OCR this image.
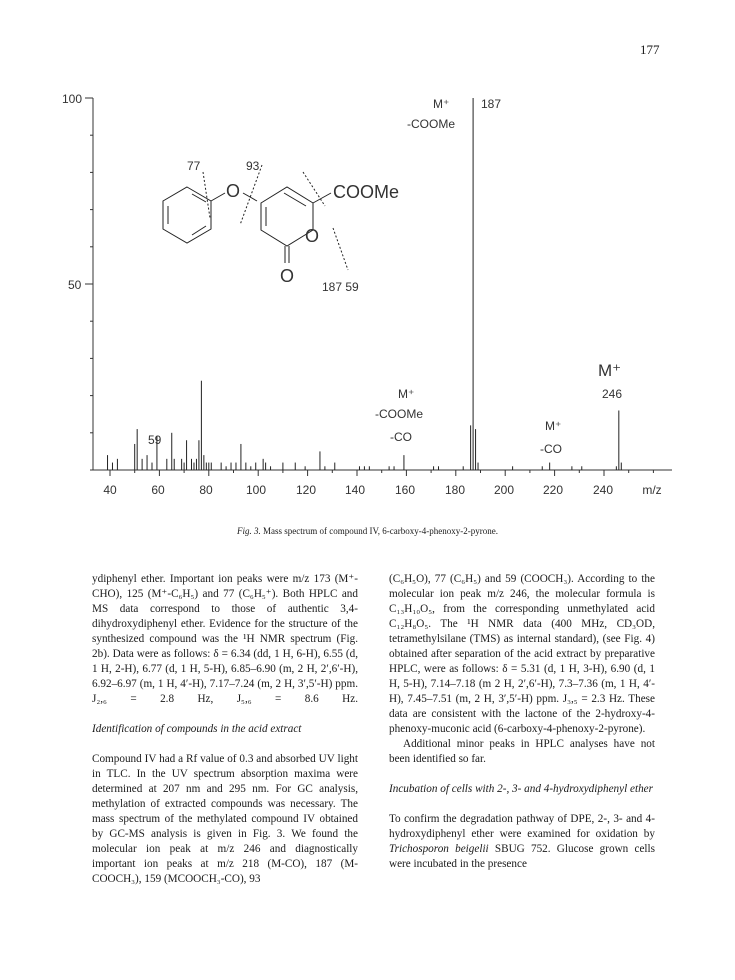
177
100
50
40	60	80	100 120 140 160 180 200 220 240 m/z
187
M⁺
-COOMe
M⁺
246
M⁺
-COOMe
-CO
M⁺
-CO
59
77	93
O
O
O
COOMe
187 59
Fig. 3. Mass spectrum of compound IV, 6-carboxy-4-phenoxy-2-pyrone.

ydiphenyl ether. Important ion peaks were m/z 173 (M⁺-CHO), 125 (M⁺-C₆H₅) and 77 (C₆H₅⁺). Both HPLC and MS data correspond to those of authentic 3,4-dihydroxydiphenyl ether. Evidence for the structure of the synthesized compound was the ¹H NMR spectrum (Fig. 2b). Data were as follows: δ = 6.34 (dd, 1 H, 6-H), 6.55 (d, 1 H, 2-H), 6.77 (d, 1 H, 5-H), 6.85–6.90 (m, 2 H, 2′,6′-H), 6.92–6.97 (m, 1 H, 4′-H), 7.17–7.24 (m, 2 H, 3′,5′-H) ppm. J₂,₆ = 2.8 Hz, J₅,₆ = 8.6 Hz.

Identification of compounds in the acid extract

Compound IV had a Rf value of 0.3 and absorbed UV light in TLC. In the UV spectrum absorption maxima were determined at 207 nm and 295 nm. For GC analysis, methylation of extracted compounds was necessary. The mass spectrum of the methylated compound IV obtained by GC-MS analysis is given in Fig. 3. We found the molecular ion peak at m/z 246 and diagnostically important ion peaks at m/z 218 (M-CO), 187 (M-COOCH₃), 159 (MCOOCH₃-CO), 93

(C₆H₅O), 77 (C₆H₅) and 59 (COOCH₃). According to the molecular ion peak m/z 246, the molecular formula is C₁₃H₁₀O₅, from the corresponding unmethylated acid C₁₂H₈O₅. The ¹H NMR data (400 MHz, CD₃OD, tetramethylsilane (TMS) as internal standard), (see Fig. 4) obtained after separation of the acid extract by preparative HPLC, were as follows: δ = 5.31 (d, 1 H, 3-H), 6.90 (d, 1 H, 5-H), 7.14–7.18 (m 2 H, 2′,6′-H), 7.3–7.36 (m, 1 H, 4′-H), 7.45–7.51 (m, 2 H, 3′,5′-H) ppm. J₃,₅ = 2.3 Hz. These data are consistent with the lactone of the 2-hydroxy-4-phenoxy-muconic acid (6-carboxy-4-phenoxy-2-pyrone).

Additional minor peaks in HPLC analyses have not been identified so far.

Incubation of cells with 2-, 3- and 4-hydroxydiphenyl ether

To confirm the degradation pathway of DPE, 2-, 3- and 4-hydroxydiphenyl ether were examined for oxidation by Trichosporon beigelii SBUG 752. Glucose grown cells were incubated in the presence
